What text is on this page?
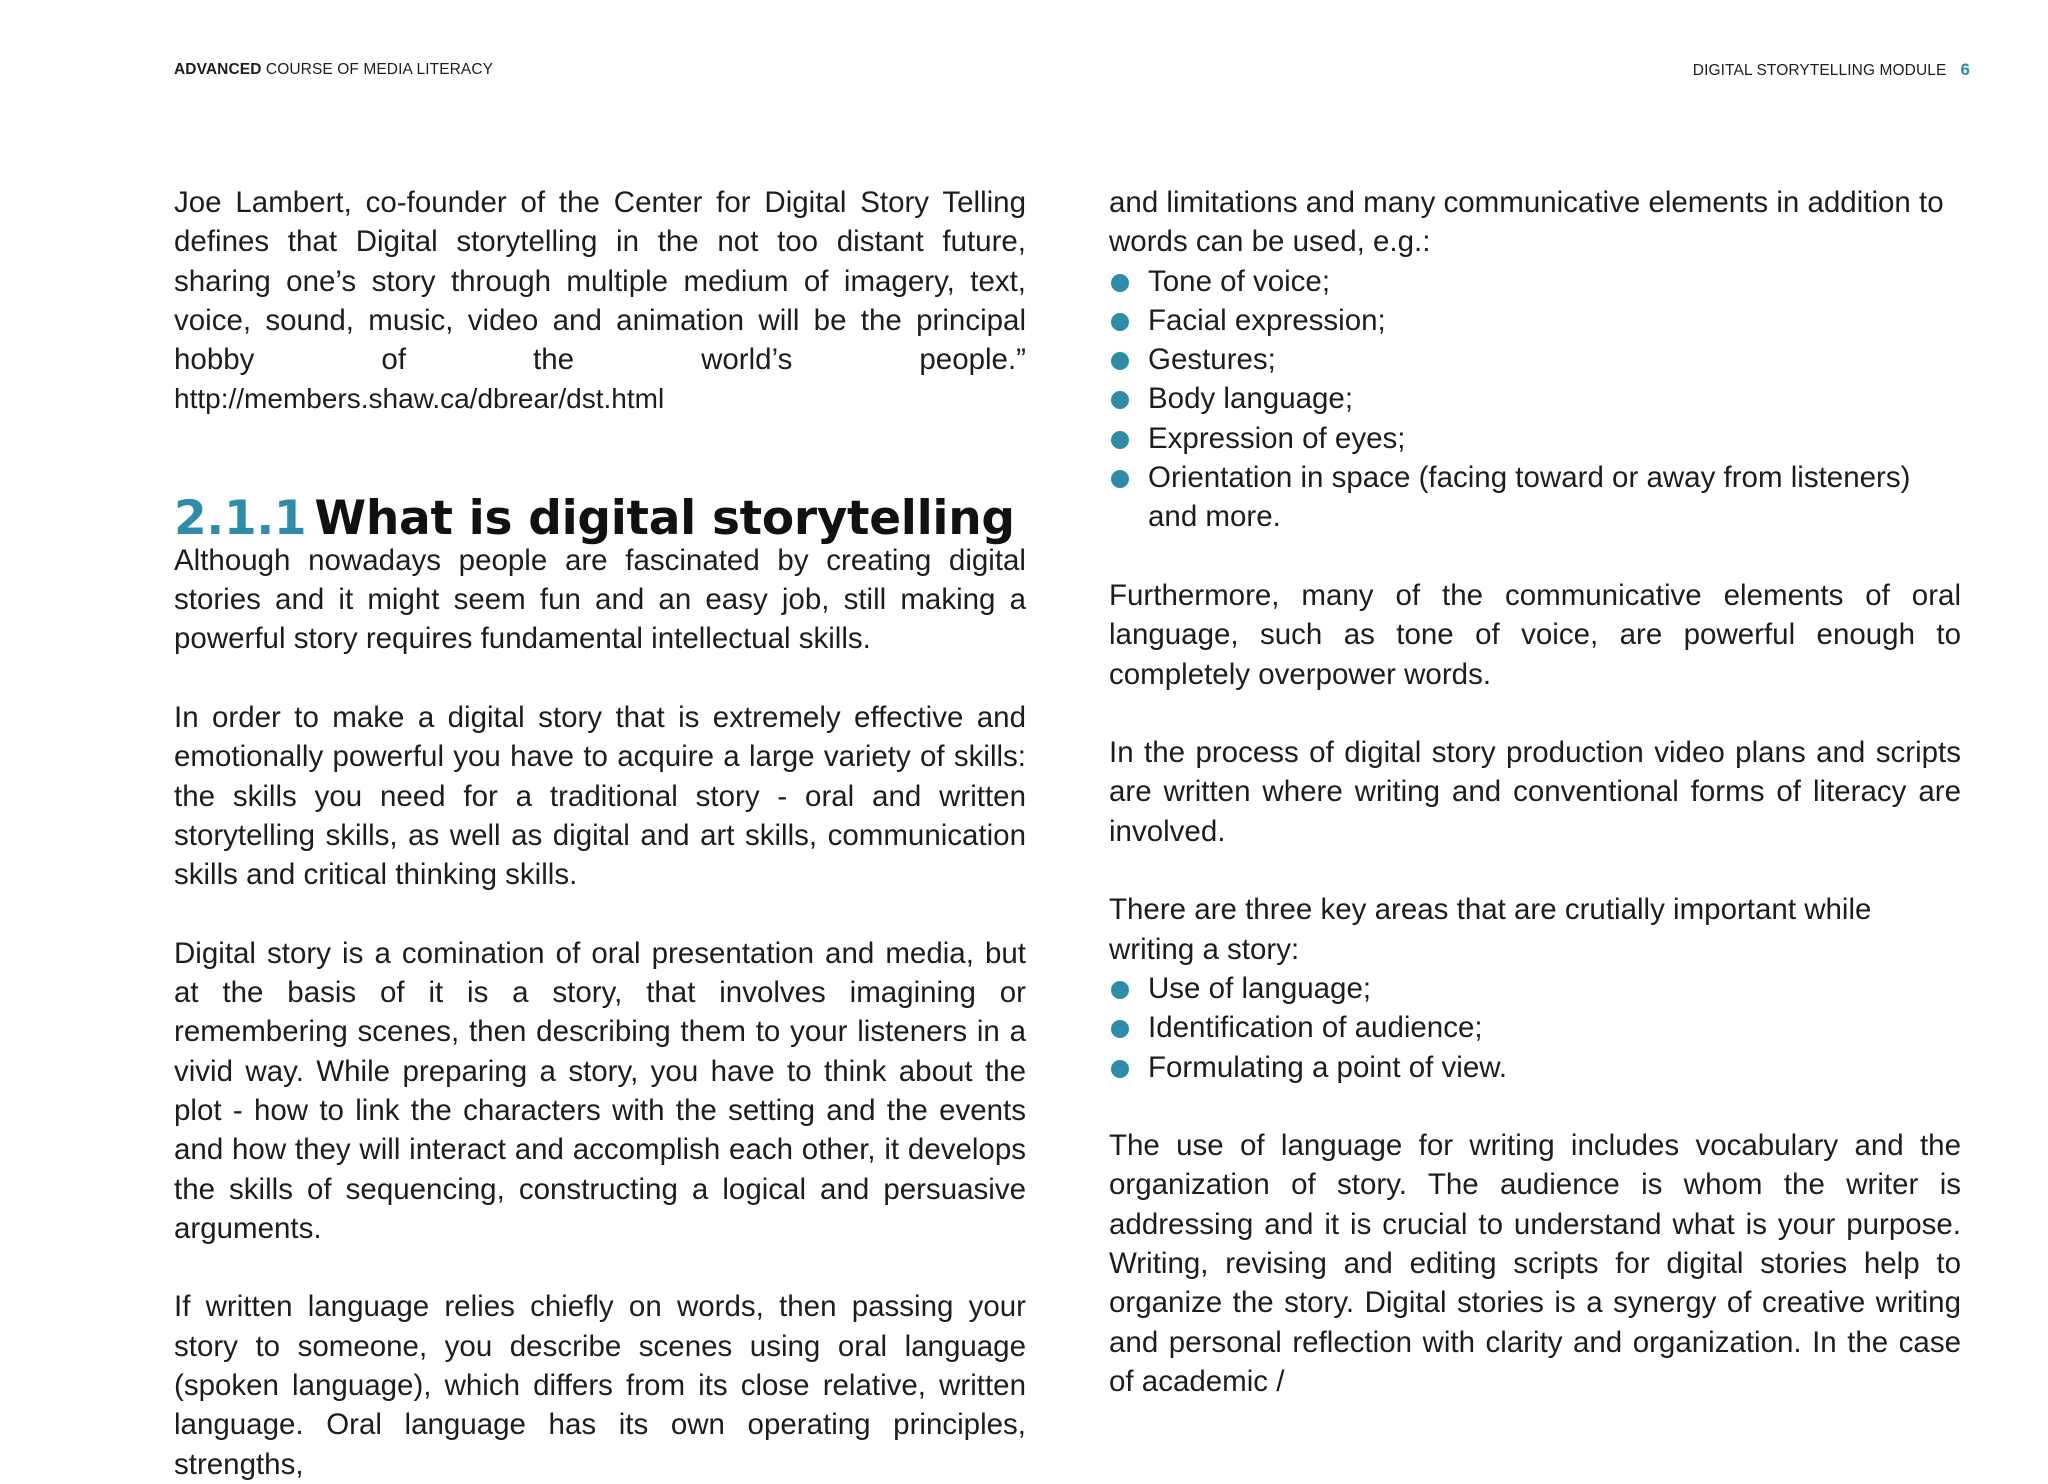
ADVANCED COURSE OF MEDIA LITERACY	DIGITAL STORYTELLING MODULE 6

Joe Lambert, co-founder of the Center for Digital Story Telling defines that Digital storytelling in the not too distant future, sharing one’s story through multiple medium of imagery, text, voice, sound, music, video and animation will be the principal hobby of the world’s people.” http://members.shaw.ca/dbrear/dst.html

2.1.1 What is digital storytelling

Although nowadays people are fascinated by creating digital stories and it might seem fun and an easy job, still making a powerful story requires fundamental intellectual skills.

In order to make a digital story that is extremely effective and emotionally powerful you have to acquire a large variety of skills: the skills you need for a traditional story - oral and written storytelling skills, as well as digital and art skills, communication skills and critical thinking skills.

Digital story is a comination of oral presentation and media, but at the basis of it is a story, that involves imagining or remembering scenes, then describing them to your listeners in a vivid way. While preparing a story, you have to think about the plot - how to link the characters with the setting and the events and how they will interact and accomplish each other, it develops the skills of sequencing, constructing a logical and persuasive arguments.

If written language relies chiefly on words, then passing your story to someone, you describe scenes using oral language (spoken language), which differs from its close relative, written language. Oral language has its own operating principles, strengths,

and limitations and many communicative elements in addition to words can be used, e.g.:

Tone of voice;
Facial expression;
Gestures;
Body language;
Expression of eyes;
Orientation in space (facing toward or away from listeners) and more.

Furthermore, many of the communicative elements of oral language, such as tone of voice, are powerful enough to completely overpower words.

In the process of digital story production video plans and scripts are written where writing and conventional forms of literacy are involved.

There are three key areas that are crutially important while writing a story:

Use of language;
Identification of audience;
Formulating a point of view.

The use of language for writing includes vocabulary and the organization of story. The audience is whom the writer is addressing and it is crucial to understand what is your purpose. Writing, revising and editing scripts for digital stories help to organize the story. Digital stories is a synergy of creative writing and personal reflection with clarity and organization. In the case of academic /
